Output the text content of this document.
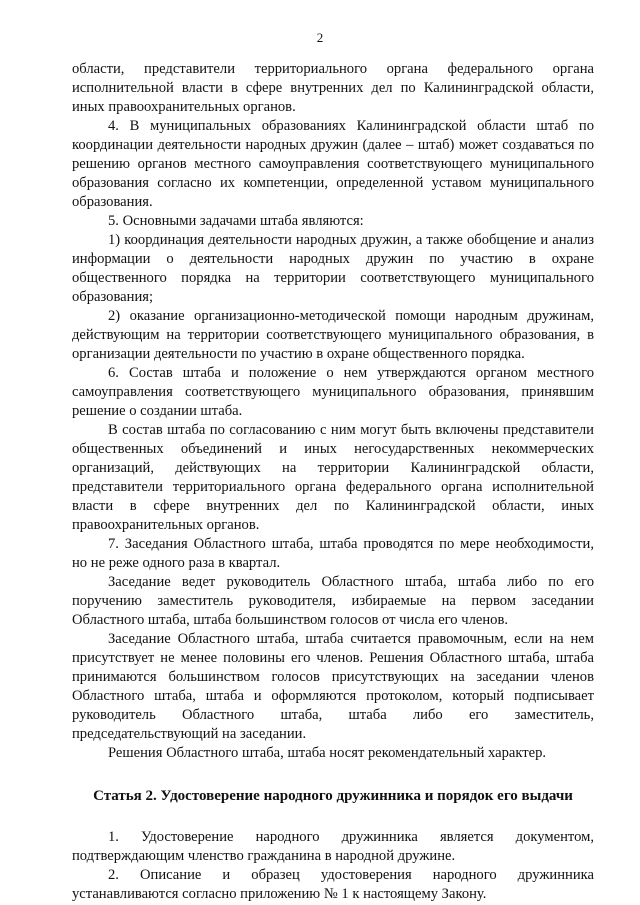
2

области, представители территориального органа федерального органа исполнительной власти в сфере внутренних дел по Калининградской области, иных правоохранительных органов.

4. В муниципальных образованиях Калининградской области штаб по координации деятельности народных дружин (далее – штаб) может создаваться по решению органов местного самоуправления соответствующего муниципального образования согласно их компетенции, определенной уставом муниципального образования.

5. Основными задачами штаба являются:

1) координация деятельности народных дружин, а также обобщение и анализ информации о деятельности народных дружин по участию в охране общественного порядка на территории соответствующего муниципального образования;

2) оказание организационно-методической помощи народным дружинам, действующим на территории соответствующего муниципального образования, в организации деятельности по участию в охране общественного порядка.

6. Состав штаба и положение о нем утверждаются органом местного самоуправления соответствующего муниципального образования, принявшим решение о создании штаба.

В состав штаба по согласованию с ним могут быть включены представители общественных объединений и иных негосударственных некоммерческих организаций, действующих на территории Калининградской области, представители территориального органа федерального органа исполнительной власти в сфере внутренних дел по Калининградской области, иных правоохранительных органов.

7. Заседания Областного штаба, штаба проводятся по мере необходимости, но не реже одного раза в квартал.

Заседание ведет руководитель Областного штаба, штаба либо по его поручению заместитель руководителя, избираемые на первом заседании Областного штаба, штаба большинством голосов от числа его членов.

Заседание Областного штаба, штаба считается правомочным, если на нем присутствует не менее половины его членов. Решения Областного штаба, штаба принимаются большинством голосов присутствующих на заседании членов Областного штаба, штаба и оформляются протоколом, который подписывает руководитель Областного штаба, штаба либо его заместитель, председательствующий на заседании.

Решения Областного штаба, штаба носят рекомендательный характер.

Статья 2. Удостоверение народного дружинника и порядок его выдачи

1. Удостоверение народного дружинника является документом, подтверждающим членство гражданина в народной дружине.

2. Описание и образец удостоверения народного дружинника устанавливаются согласно приложению № 1 к настоящему Закону.
